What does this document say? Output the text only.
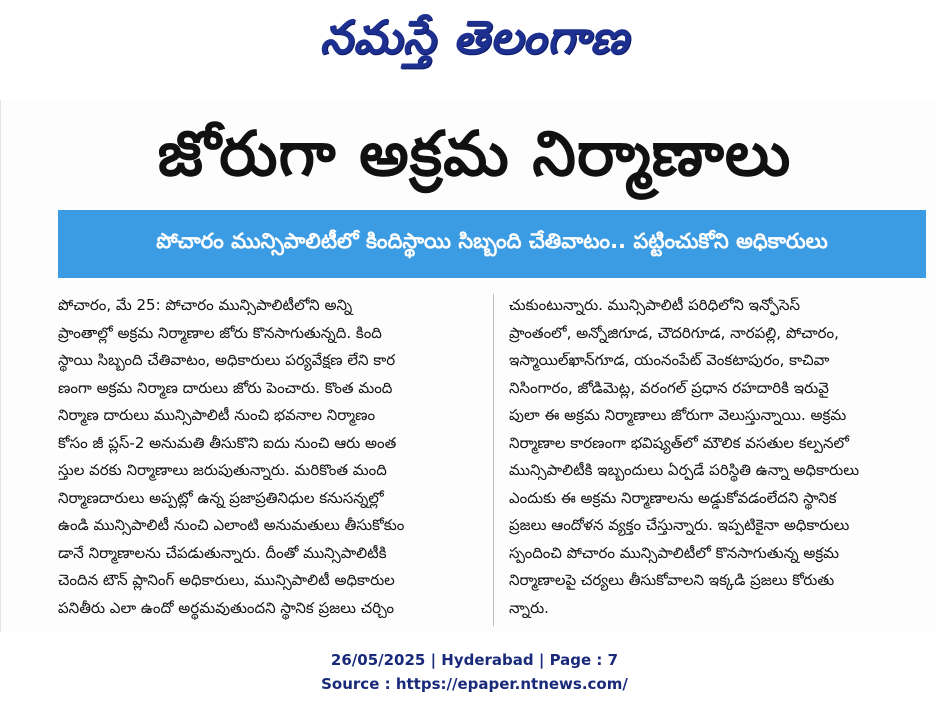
నమస్తే తెలంగాణ
జోరుగా అక్రమ నిర్మాణాలు
పోచారం మున్సిపాలిటీలో కిందిస్థాయి సిబ్బంది చేతివాటం.. పట్టించుకోని అధికారులు
పోచారం, మే 25: పోచారం మున్సిపాలిటీలోని అన్ని
ప్రాంతాల్లో అక్రమ నిర్మాణాల జోరు కొనసాగుతున్నది. కింది
స్థాయి సిబ్బంది చేతివాటం, అధికారులు పర్యవేక్షణ లేని కార
ణంగా అక్రమ నిర్మాణ దారులు జోరు పెంచారు. కొంత మంది
నిర్మాణ దారులు మున్సిపాలిటీ నుంచి భవనాల నిర్మాణం
కోసం జీ ప్లస్-2 అనుమతి తీసుకొని ఐదు నుంచి ఆరు అంత
స్తుల వరకు నిర్మాణాలు జరుపుతున్నారు. మరికొంత మంది
నిర్మాణదారులు అప్పట్లో ఉన్న ప్రజాప్రతినిధుల కనుసన్నల్లో
ఉండి మున్సిపాలిటీ నుంచి ఎలాంటి అనుమతులు తీసుకోకుం
డానే నిర్మాణాలను చేపడుతున్నారు. దీంతో మున్సిపాలిటీకి
చెందిన టౌన్ ప్లానింగ్ అధికారులు, మున్సిపాలిటీ అధికారుల
పనితీరు ఎలా ఉందో అర్థమవుతుందని స్థానిక ప్రజలు చర్చిం
చుకుంటున్నారు. మున్సిపాలిటీ పరిధిలోని ఇన్ఫోసెస్
ప్రాంతంలో, అన్నోజిగూడ, చౌదరిగూడ, నారపల్లి, పోచారం,
ఇస్మాయిల్‌ఖాన్‌గూడ, యంనంపేట్ వెంకటాపురం, కాచివా
నిసింగారం, జోడిమెట్ల, వరంగల్ ప్రధాన రహదారికి ఇరువై
పులా ఈ అక్రమ నిర్మాణాలు జోరుగా వెలుస్తున్నాయి. అక్రమ
నిర్మాణాల కారణంగా భవిష్యత్‌లో మౌలిక వసతుల కల్పనలో
మున్సిపాలిటీకి ఇబ్బందులు ఏర్పడే పరిస్థితి ఉన్నా అధికారులు
ఎందుకు ఈ అక్రమ నిర్మాణాలను అడ్డుకోవడంలేదని స్థానిక
ప్రజలు ఆందోళన వ్యక్తం చేస్తున్నారు. ఇప్పటికైనా అధికారులు
స్పందించి పోచారం మున్సిపాలిటీలో కొనసాగుతున్న అక్రమ
నిర్మాణాలపై చర్యలు తీసుకోవాలని ఇక్కడి ప్రజలు కోరుతు
న్నారు.
26/05/2025 | Hyderabad | Page : 7
Source : https://epaper.ntnews.com/
